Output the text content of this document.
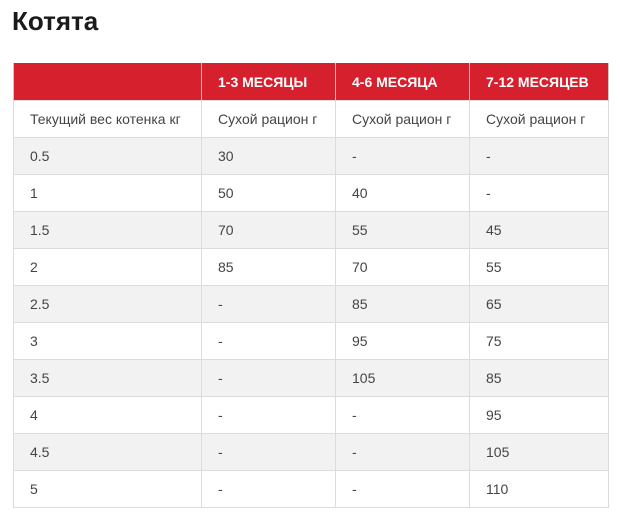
Котята
	1-3 МЕСЯЦЫ	4-6 МЕСЯЦА	7-12 МЕСЯЦЕВ
Текущий вес котенка кг	Сухой рацион г	Сухой рацион г	Сухой рацион г
0.5	30	-	-
1	50	40	-
1.5	70	55	45
2	85	70	55
2.5	-	85	65
3	-	95	75
3.5	-	105	85
4	-	-	95
4.5	-	-	105
5	-	-	110
